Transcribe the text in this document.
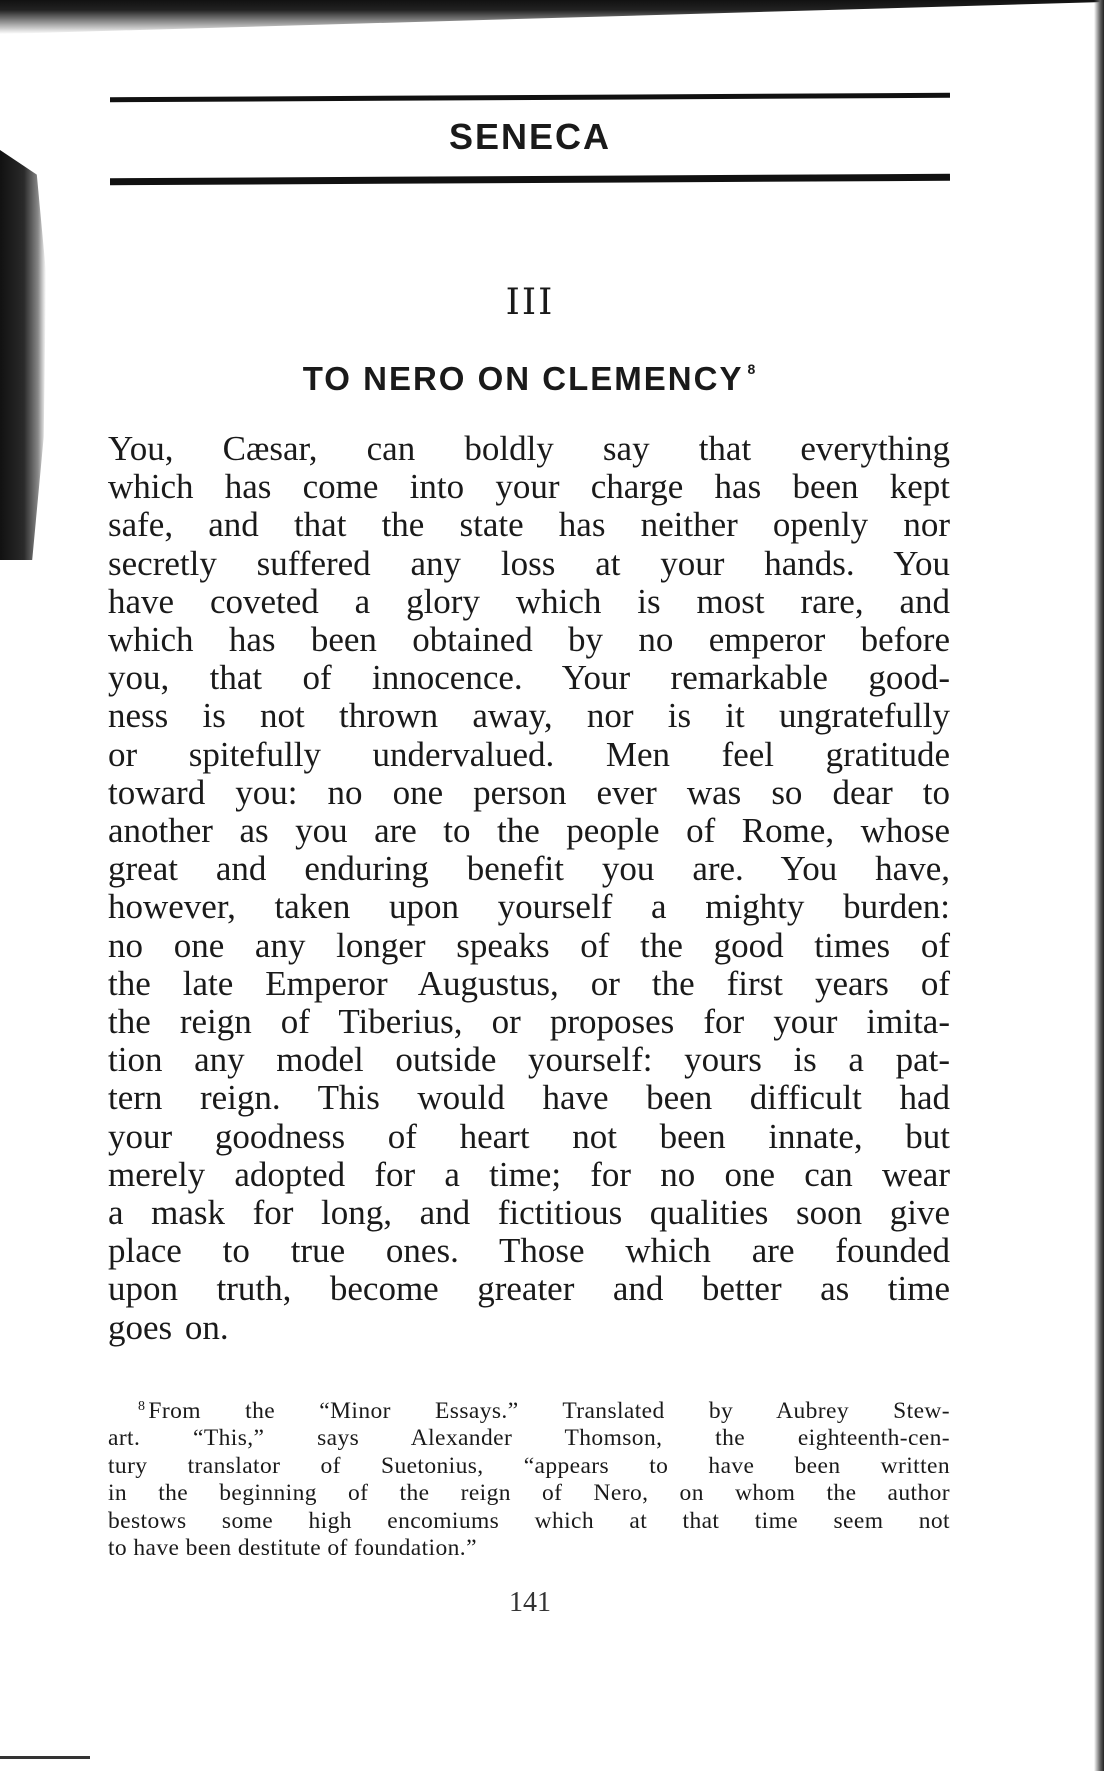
SENECA
III
TO NERO ON CLEMENCY $^8$
You, Cæsar, can boldly say that everything
which has come into your charge has been kept
safe, and that the state has neither openly nor
secretly suffered any loss at your hands. You
have coveted a glory which is most rare, and
which has been obtained by no emperor before
you, that of innocence. Your remarkable good-
ness is not thrown away, nor is it ungratefully
or spitefully undervalued. Men feel gratitude
toward you: no one person ever was so dear to
another as you are to the people of Rome, whose
great and enduring benefit you are. You have,
however, taken upon yourself a mighty burden:
no one any longer speaks of the good times of
the late Emperor Augustus, or the first years of
the reign of Tiberius, or proposes for your imita-
tion any model outside yourself: yours is a pat-
tern reign. This would have been difficult had
your goodness of heart not been innate, but
merely adopted for a time; for no one can wear
a mask for long, and fictitious qualities soon give
place to true ones. Those which are founded
upon truth, become greater and better as time
goes on.
$^8$ From the “Minor Essays.” Translated by Aubrey Stew-
art. “This,” says Alexander Thomson, the eighteenth-cen-
tury translator of Suetonius, “appears to have been written
in the beginning of the reign of Nero, on whom the author
bestows some high encomiums which at that time seem not
to have been destitute of foundation.”
141
